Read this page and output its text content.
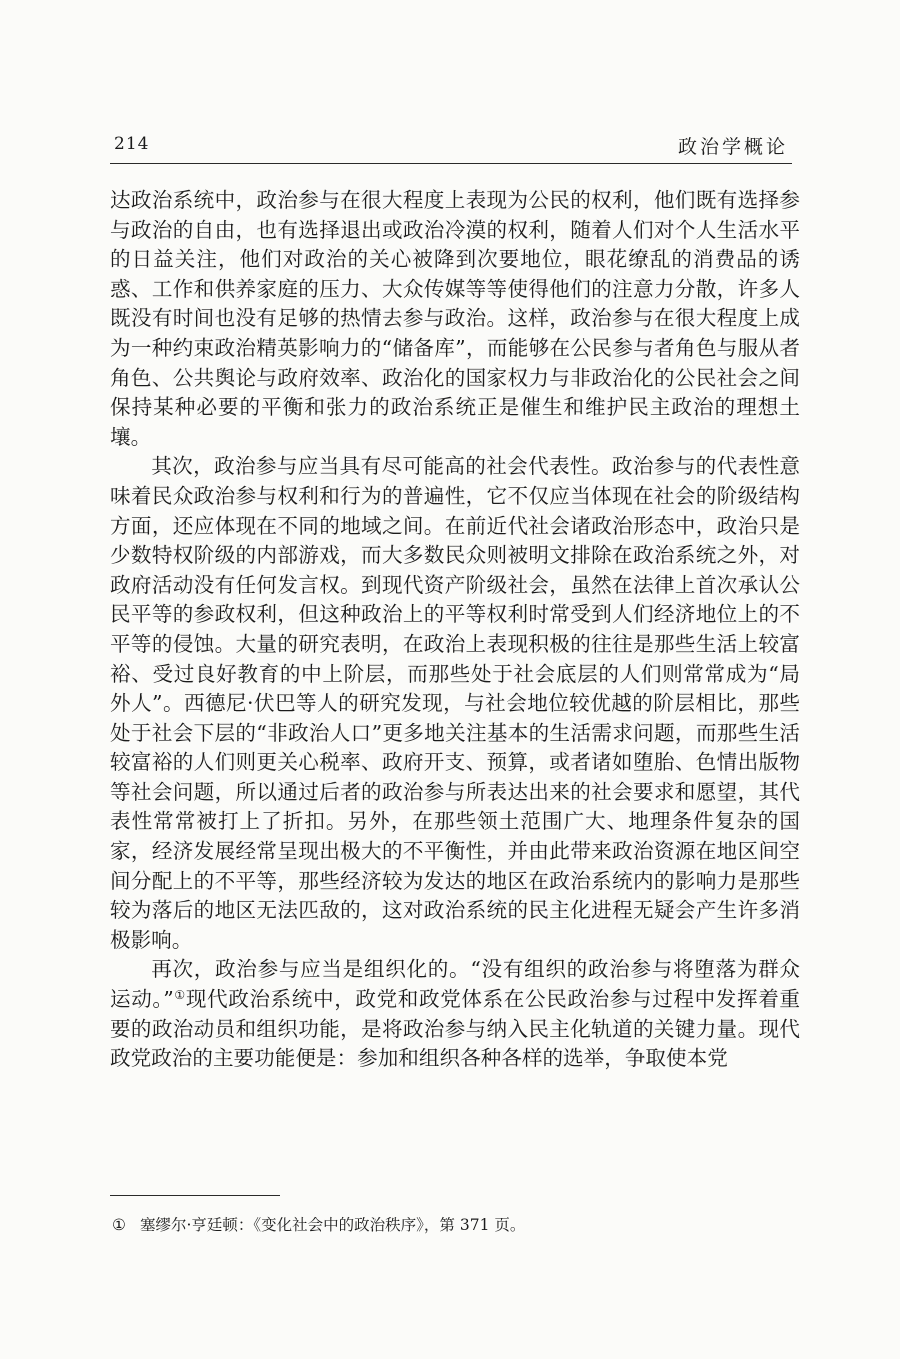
214	政治学概论

达政治系统中，政治参与在很大程度上表现为公民的权利，他们既有选择参与政治的自由，也有选择退出或政治冷漠的权利，随着人们对个人生活水平的日益关注，他们对政治的关心被降到次要地位，眼花缭乱的消费品的诱惑、工作和供养家庭的压力、大众传媒等等使得他们的注意力分散，许多人既没有时间也没有足够的热情去参与政治。这样，政治参与在很大程度上成为一种约束政治精英影响力的“储备库”，而能够在公民参与者角色与服从者角色、公共舆论与政府效率、政治化的国家权力与非政治化的公民社会之间保持某种必要的平衡和张力的政治系统正是催生和维护民主政治的理想土壤。

其次，政治参与应当具有尽可能高的社会代表性。政治参与的代表性意味着民众政治参与权利和行为的普遍性，它不仅应当体现在社会的阶级结构方面，还应体现在不同的地域之间。在前近代社会诸政治形态中，政治只是少数特权阶级的内部游戏，而大多数民众则被明文排除在政治系统之外，对政府活动没有任何发言权。到现代资产阶级社会，虽然在法律上首次承认公民平等的参政权利，但这种政治上的平等权利时常受到人们经济地位上的不平等的侵蚀。大量的研究表明，在政治上表现积极的往往是那些生活上较富裕、受过良好教育的中上阶层，而那些处于社会底层的人们则常常成为“局外人”。西德尼·伏巴等人的研究发现，与社会地位较优越的阶层相比，那些处于社会下层的“非政治人口”更多地关注基本的生活需求问题，而那些生活较富裕的人们则更关心税率、政府开支、预算，或者诸如堕胎、色情出版物等社会问题，所以通过后者的政治参与所表达出来的社会要求和愿望，其代表性常常被打上了折扣。另外，在那些领土范围广大、地理条件复杂的国家，经济发展经常呈现出极大的不平衡性，并由此带来政治资源在地区间空间分配上的不平等，那些经济较为发达的地区在政治系统内的影响力是那些较为落后的地区无法匹敌的，这对政治系统的民主化进程无疑会产生许多消极影响。

再次，政治参与应当是组织化的。“没有组织的政治参与将堕落为群众运动。”①现代政治系统中，政党和政党体系在公民政治参与过程中发挥着重要的政治动员和组织功能，是将政治参与纳入民主化轨道的关键力量。现代政党政治的主要功能便是：参加和组织各种各样的选举，争取使本党

① 塞缪尔·亨廷顿：《变化社会中的政治秩序》，第 371 页。
